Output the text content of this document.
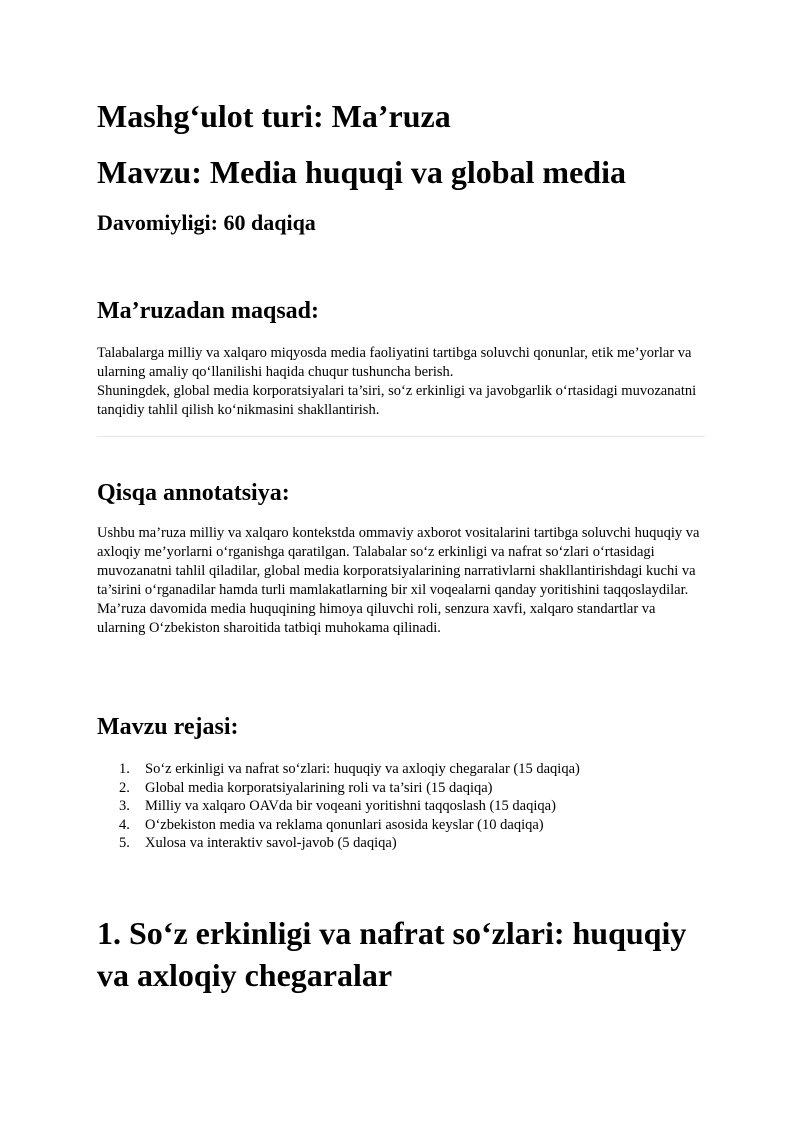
Mashg‘ulot turi: Ma’ruza
Mavzu: Media huquqi va global media
Davomiyligi: 60 daqiqa
Ma’ruzadan maqsad:

Talabalarga milliy va xalqaro miqyosda media faoliyatini tartibga soluvchi qonunlar, etik me’yorlar va ularning amaliy qo‘llanilishi haqida chuqur tushuncha berish.

Shuningdek, global media korporatsiyalari ta’siri, so‘z erkinligi va javobgarlik o‘rtasidagi muvozanatni tanqidiy tahlil qilish ko‘nikmasini shakllantirish.

Qisqa annotatsiya:

Ushbu ma’ruza milliy va xalqaro kontekstda ommaviy axborot vositalarini tartibga soluvchi huquqiy va axloqiy me’yorlarni o‘rganishga qaratilgan. Talabalar so‘z erkinligi va nafrat so‘zlari o‘rtasidagi muvozanatni tahlil qiladilar, global media korporatsiyalarining narrativlarni shakllantirishdagi kuchi va ta’sirini o‘rganadilar hamda turli mamlakatlarning bir xil voqealarni qanday yoritishini taqqoslaydilar.

Ma’ruza davomida media huquqining himoya qiluvchi roli, senzura xavfi, xalqaro standartlar va ularning O‘zbekiston sharoitida tatbiqi muhokama qilinadi.

Mavzu rejasi:
1. So‘z erkinligi va nafrat so‘zlari: huquqiy va axloqiy chegaralar (15 daqiqa)
2. Global media korporatsiyalarining roli va ta’siri (15 daqiqa)
3. Milliy va xalqaro OAVda bir voqeani yoritishni taqqoslash (15 daqiqa)
4. O‘zbekiston media va reklama qonunlari asosida keyslar (10 daqiqa)
5. Xulosa va interaktiv savol-javob (5 daqiqa)
1. So‘z erkinligi va nafrat so‘zlari: huquqiy va axloqiy chegaralar
